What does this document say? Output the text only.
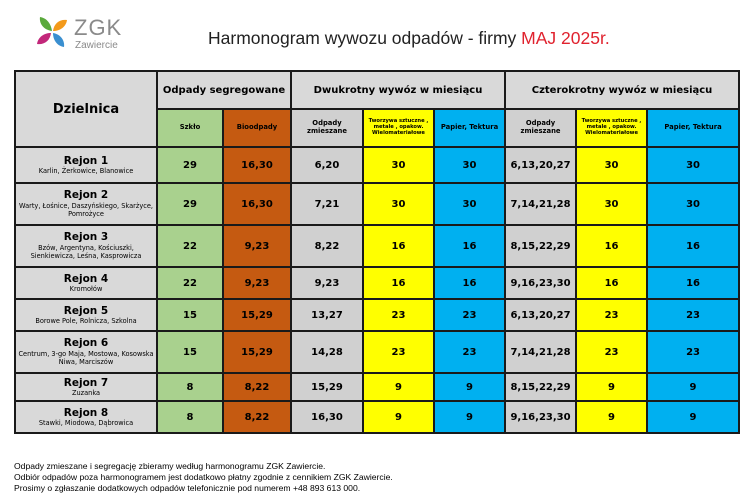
ZGK
Zawiercie	Harmonogram wywozu odpadów - firmy MAJ 2025r.
Dzielnica	Odpady segregowane		Dwukrotny wywóz w miesiącu			Czterokrotny wywóz w miesiącu		
	Szkło	Bioodpady	Odpady zmieszane	Tworzywa sztuczne , metale , opakow. Wielomateriałowe	Papier, Tektura	Odpady zmieszane	Tworzywa sztuczne , metale , opakow. Wielomateriałowe	Papier, Tektura

Rejon 1
Karlin, Żerkowice, Blanowice	29	16,30	6,20	30	30	6,13,20,27	30	30

Rejon 2
Warty, Łośnice, Daszyńskiego, Skarżyce, Pomrożyce	29	16,30	7,21	30	30	7,14,21,28	30	30

Rejon 3
Bzów, Argentyna, Kościuszki, Sienkiewicza, Leśna, Kasprowicza	22	9,23	8,22	16	16	8,15,22,29	16	16

Rejon 4
Kromołów	22	9,23	9,23	16	16	9,16,23,30	16	16

Rejon 5
Borowe Pole, Rolnicza, Szkolna	15	15,29	13,27	23	23	6,13,20,27	23	23

Rejon 6
Centrum, 3-go Maja, Mostowa, Kosowska Niwa, Marciszów	15	15,29	14,28	23	23	7,14,21,28	23	23

Rejon 7
Zuzanka	8	8,22	15,29	9	9	8,15,22,29	9	9

Rejon 8
Stawki, Miodowa, Dąbrowica	8	8,22	16,30	9	9	9,16,23,30	9	9
Odpady zmieszane i segregację zbieramy według harmonogramu ZGK Zawiercie.
Odbiór odpadów poza harmonogramem jest dodatkowo płatny zgodnie z cennikiem ZGK Zawiercie.
Prosimy o zgłaszanie dodatkowych odpadów telefonicznie pod numerem +48 893 613 000.
